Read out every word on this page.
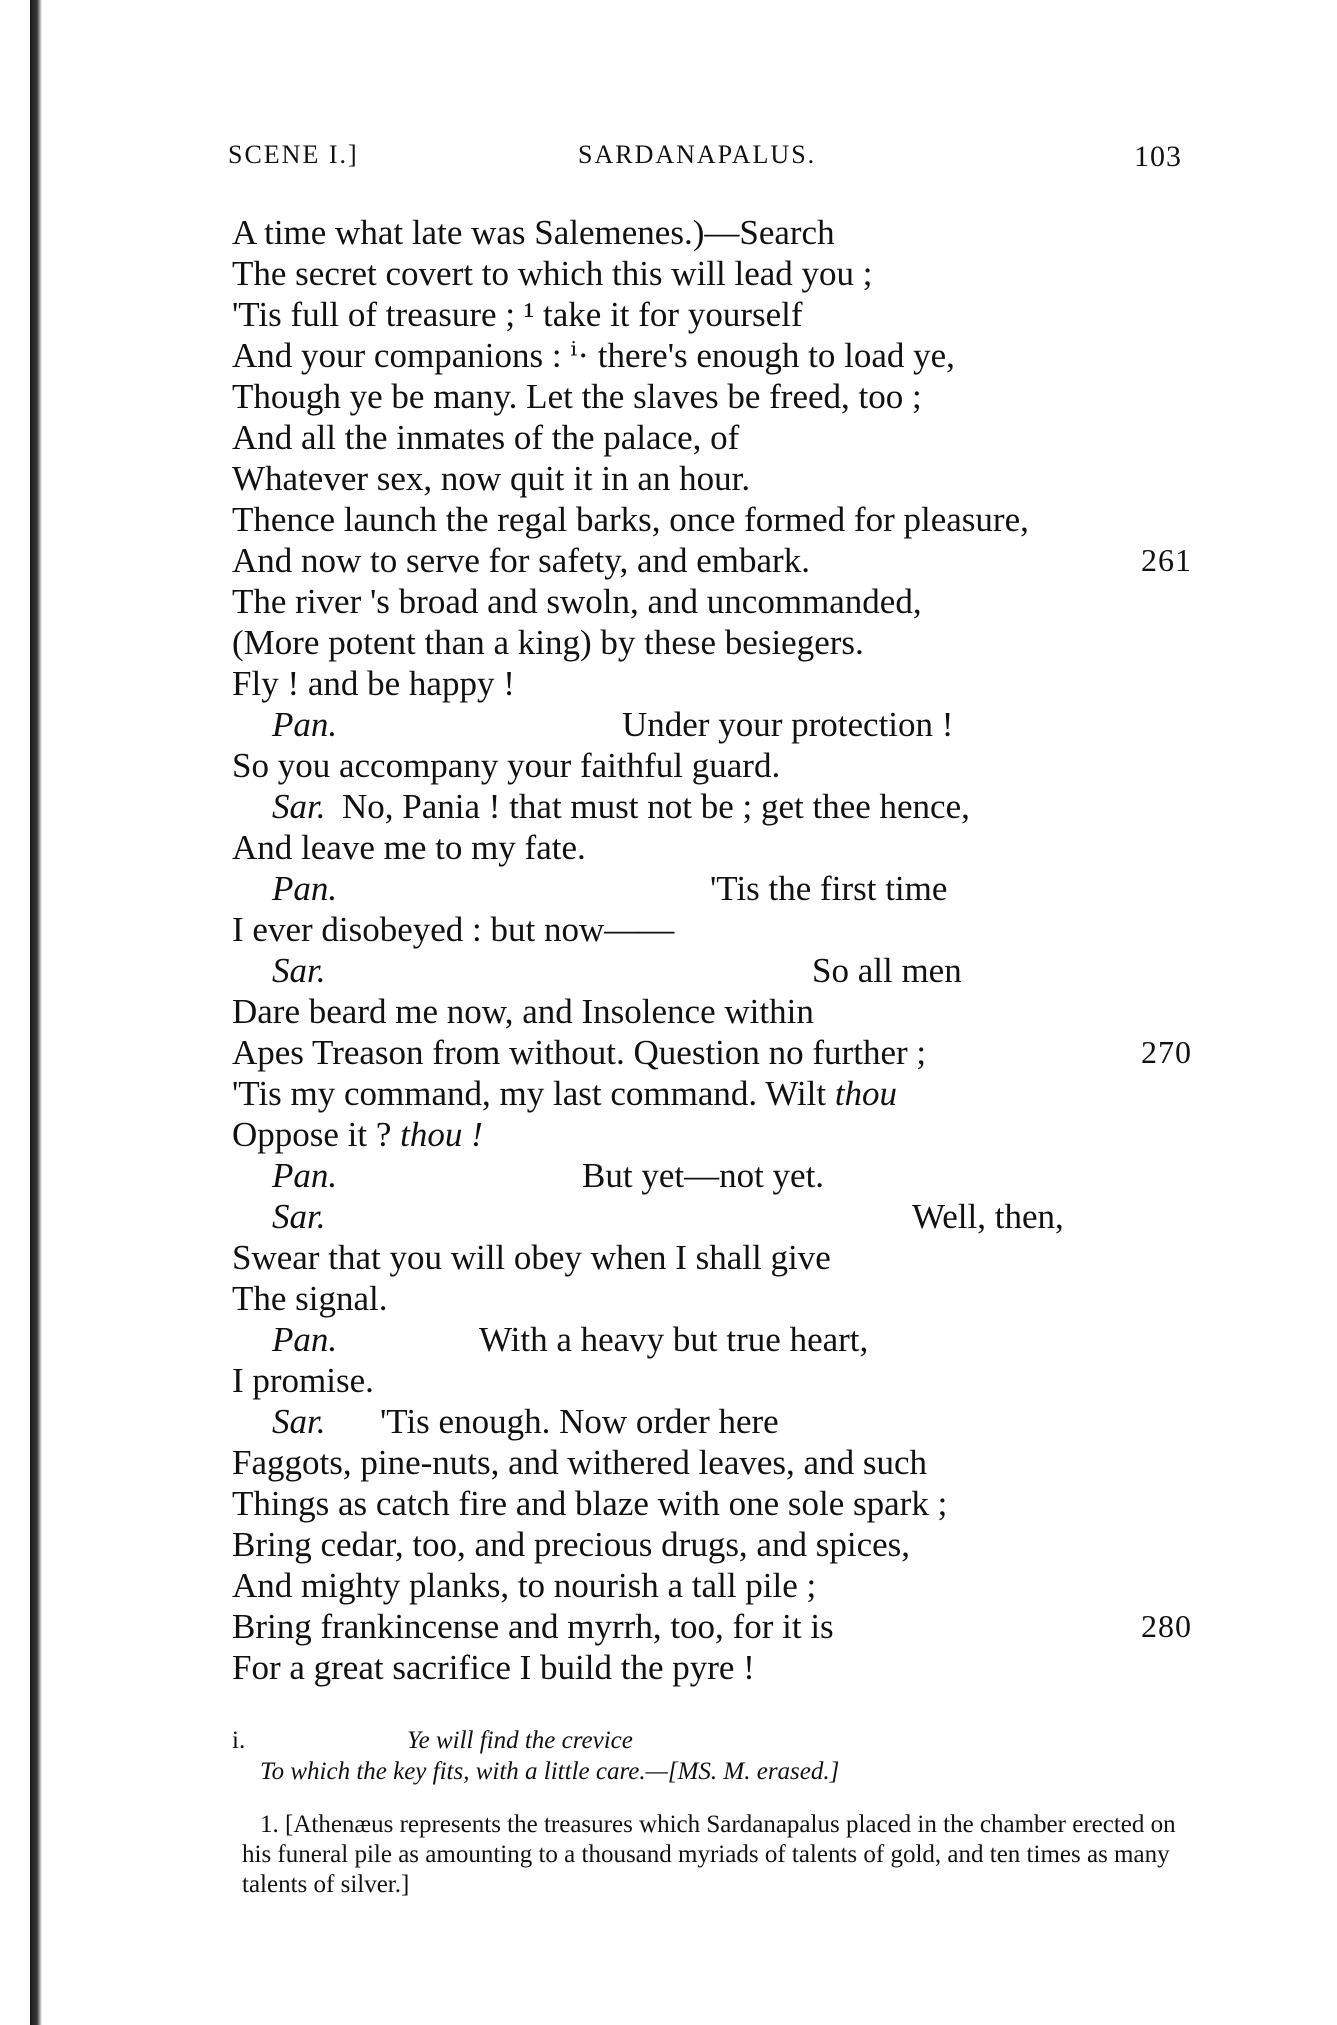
SCENE I.]	SARDANAPALUS.	103
A time what late was Salemenes.)—Search
The secret covert to which this will lead you ;
'Tis full of treasure ; ¹ take it for yourself
And your companions : ⁱ· there's enough to load ye,
Though ye be many. Let the slaves be freed, too ;
And all the inmates of the palace, of
Whatever sex, now quit it in an hour.
Thence launch the regal barks, once formed for pleasure,
And now to serve for safety, and embark.	261
The river 's broad and swoln, and uncommanded,
(More potent than a king) by these besiegers.
Fly ! and be happy !
Pan.	Under your protection !
So you accompany your faithful guard.
Sar. No, Pania ! that must not be ; get thee hence,
And leave me to my fate.
Pan.	'Tis the first time
I ever disobeyed : but now——
Sar.	So all men
Dare beard me now, and Insolence within
Apes Treason from without. Question no further ;	270
'Tis my command, my last command. Wilt thou
Oppose it ? thou !
Pan.	But yet—not yet.
Sar.	Well, then,
Swear that you will obey when I shall give
The signal.
Pan.	With a heavy but true heart,
I promise.
Sar. 'Tis enough. Now order here
Faggots, pine-nuts, and withered leaves, and such
Things as catch fire and blaze with one sole spark ;
Bring cedar, too, and precious drugs, and spices,
And mighty planks, to nourish a tall pile ;
Bring frankincense and myrrh, too, for it is	280
For a great sacrifice I build the pyre !
i.	Ye will find the crevice
To which the key fits, with a little care.—[MS. M. erased.]
1. [Athenæus represents the treasures which Sardanapalus placed in the chamber erected on his funeral pile as amounting to a thousand myriads of talents of gold, and ten times as many talents of silver.]
